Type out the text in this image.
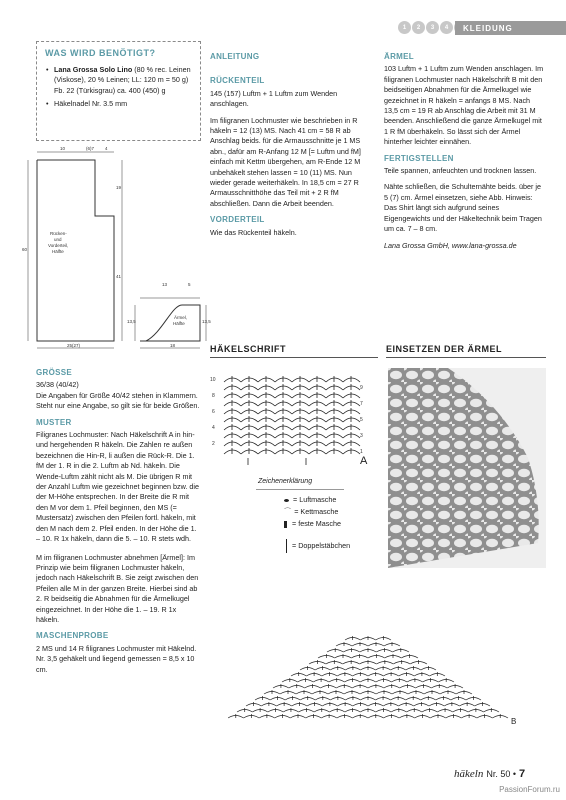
1	2	3	4	KLEIDUNG
WAS WIRD BENÖTIGT?
• Lana Grossa Solo Lino (80 % rec. Leinen (Viskose), 20 % Leinen; LL: 120 m = 50 g) Fb. 22 (Türkisgrau) ca. 400 (450) g
• Häkelnadel Nr. 3.5 mm
10	(6)7 4
19
60
41
Rücken-
und
Vorderteil,
Hälfte
25(27)
13	5
13,5	13,5
Ärmel,
Hälfte
18
ANLEITUNG
RÜCKENTEIL

145 (157) Luftm + 1 Luftm zum Wenden anschlagen.

Im filigranen Lochmuster wie beschrieben in R häkeln = 12 (13) MS. Nach 41 cm = 58 R ab Anschlag beids. für die Armausschnitte je 1 MS abn., dafür am R-Anfang 12 M [= Luftm und fM] einfach mit Kettm übergehen, am R-Ende 12 M unbehäkelt stehen lassen = 10 (11) MS. Nun wieder gerade weiterhäkeln. In 18,5 cm = 27 R Armausschnitthöhe das Teil mit + 2 R fM abschließen. Dann die Arbeit beenden.

VORDERTEIL

Wie das Rückenteil häkeln.

ÄRMEL

103 Luftm + 1 Luftm zum Wenden anschlagen. Im filigranen Lochmuster nach Häkelschrift B mit den beidseitigen Abnahmen für die Ärmelkugel wie gezeichnet in R häkeln = anfangs 8 MS. Nach 13,5 cm = 19 R ab Anschlag die Arbeit mit 31 M beenden. Anschließend die ganze Ärmelkugel mit 1 R fM überhäkeln. So lässt sich der Ärmel hinterher leichter einnähen.

FERTIGSTELLEN

Teile spannen, anfeuchten und trocknen lassen.

Nähte schließen, die Schulternähte beids. über je 5 (7) cm. Ärmel einsetzen, siehe Abb. Hinweis: Das Shirt längt sich aufgrund seines Eigengewichts und der Häkeltechnik beim Tragen um ca. 7 – 8 cm.

Lana Grossa GmbH, www.lana-grossa.de

HÄKELSCHRIFT	EINSETZEN DER ÄRMEL
GRÖSSE
36/38 (40/42)

Die Angaben für Größe 40/42 stehen in Klammern. Steht nur eine Angabe, so gilt sie für beide Größen.

MUSTER

Filigranes Lochmuster: Nach Häkelschrift A in hin- und hergehenden R häkeln. Die Zahlen re außen bezeichnen die Hin-R, li außen die Rück-R. Die 1. fM der 1. R in die 2. Luftm ab Nd. häkeln. Die Wende-Luftm zählt nicht als M. Die übrigen R mit der Anzahl Luftm wie gezeichnet beginnen bzw. die der M-Höhe entsprechen. In der Breite die R mit den M vor dem 1. Pfeil beginnen, den MS (= Mustersatz) zwischen den Pfeilen fortl. häkeln, mit den M nach dem 2. Pfeil enden. In der Höhe die 1. – 10. R 1x häkeln, dann die 5. – 10. R stets wdh.

M im filigranen Lochmuster abnehmen [Ärmel]: Im Prinzip wie beim filigranen Lochmuster häkeln, jedoch nach Häkelschrift B. Sie zeigt zwischen den Pfeilen alle M in der ganzen Breite. Hierbei sind ab 2. R beidseitig die Abnahmen für die Ärmelkugel eingezeichnet. In der Höhe die 1. – 19. R 1x häkeln.

MASCHENPROBE

2 MS und 14 R filigranes Lochmuster mit Häkelnd. Nr. 3,5 gehäkelt und liegend gemessen = 8,5 x 10 cm.

10
8
6
4
2
9
7
5
3
1
A
Zeichenerklärung
= Luftmasche
⌒ = Kettmasche
= feste Masche
= Doppelstäbchen
B
häkeln Nr. 50 • 7
PassionForum.ru
